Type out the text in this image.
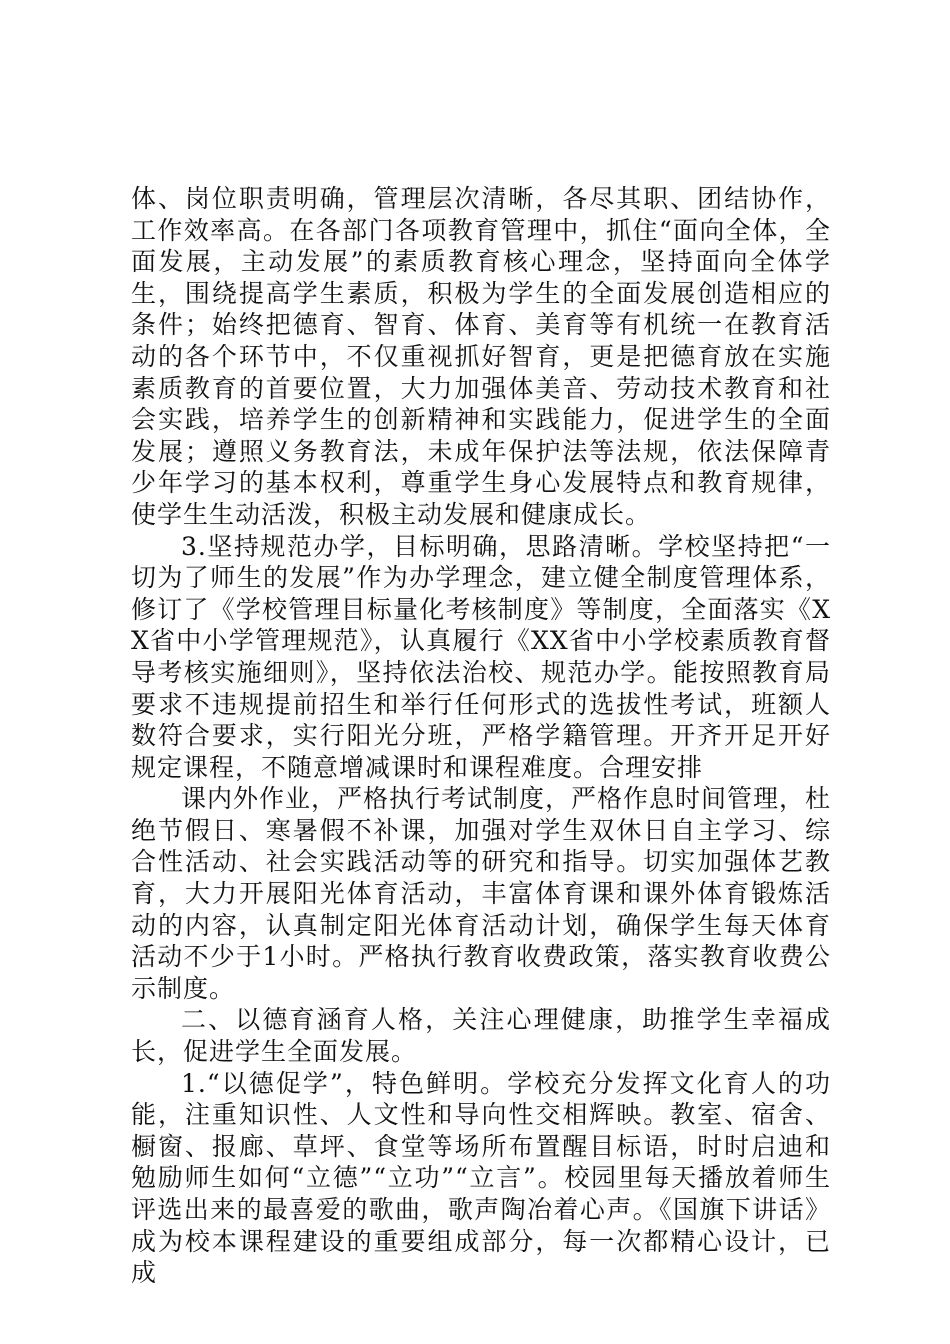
体、岗位职责明确，管理层次清晰，各尽其职、团结协作，工作效率高。在各部门各项教育管理中，抓住“面向全体，全面发展，主动发展”的素质教育核心理念，坚持面向全体学生，围绕提高学生素质，积极为学生的全面发展创造相应的条件；始终把德育、智育、体育、美育等有机统一在教育活动的各个环节中，不仅重视抓好智育，更是把德育放在实施素质教育的首要位置，大力加强体美音、劳动技术教育和社会实践，培养学生的创新精神和实践能力，促进学生的全面发展；遵照义务教育法，未成年保护法等法规，依法保障青少年学习的基本权利，尊重学生身心发展特点和教育规律，使学生生动活泼，积极主动发展和健康成长。

3.坚持规范办学，目标明确，思路清晰。学校坚持把“一切为了师生的发展”作为办学理念，建立健全制度管理体系，修订了《学校管理目标量化考核制度》等制度，全面落实《XX省中小学管理规范》，认真履行《XX省中小学校素质教育督导考核实施细则》，坚持依法治校、规范办学。能按照教育局要求不违规提前招生和举行任何形式的选拔性考试，班额人数符合要求，实行阳光分班，严格学籍管理。开齐开足开好规定课程，不随意增减课时和课程难度。合理安排

课内外作业，严格执行考试制度，严格作息时间管理，杜绝节假日、寒暑假不补课，加强对学生双休日自主学习、综合性活动、社会实践活动等的研究和指导。切实加强体艺教育，大力开展阳光体育活动，丰富体育课和课外体育锻炼活动的内容，认真制定阳光体育活动计划，确保学生每天体育活动不少于1小时。严格执行教育收费政策，落实教育收费公示制度。

二、以德育涵育人格，关注心理健康，助推学生幸福成长，促进学生全面发展。

1.“以德促学”，特色鲜明。学校充分发挥文化育人的功能，注重知识性、人文性和导向性交相辉映。教室、宿舍、橱窗、报廊、草坪、食堂等场所布置醒目标语，时时启迪和勉励师生如何“立德”“立功”“立言”。校园里每天播放着师生评选出来的最喜爱的歌曲，歌声陶冶着心声。《国旗下讲话》成为校本课程建设的重要组成部分，每一次都精心设计，已成
